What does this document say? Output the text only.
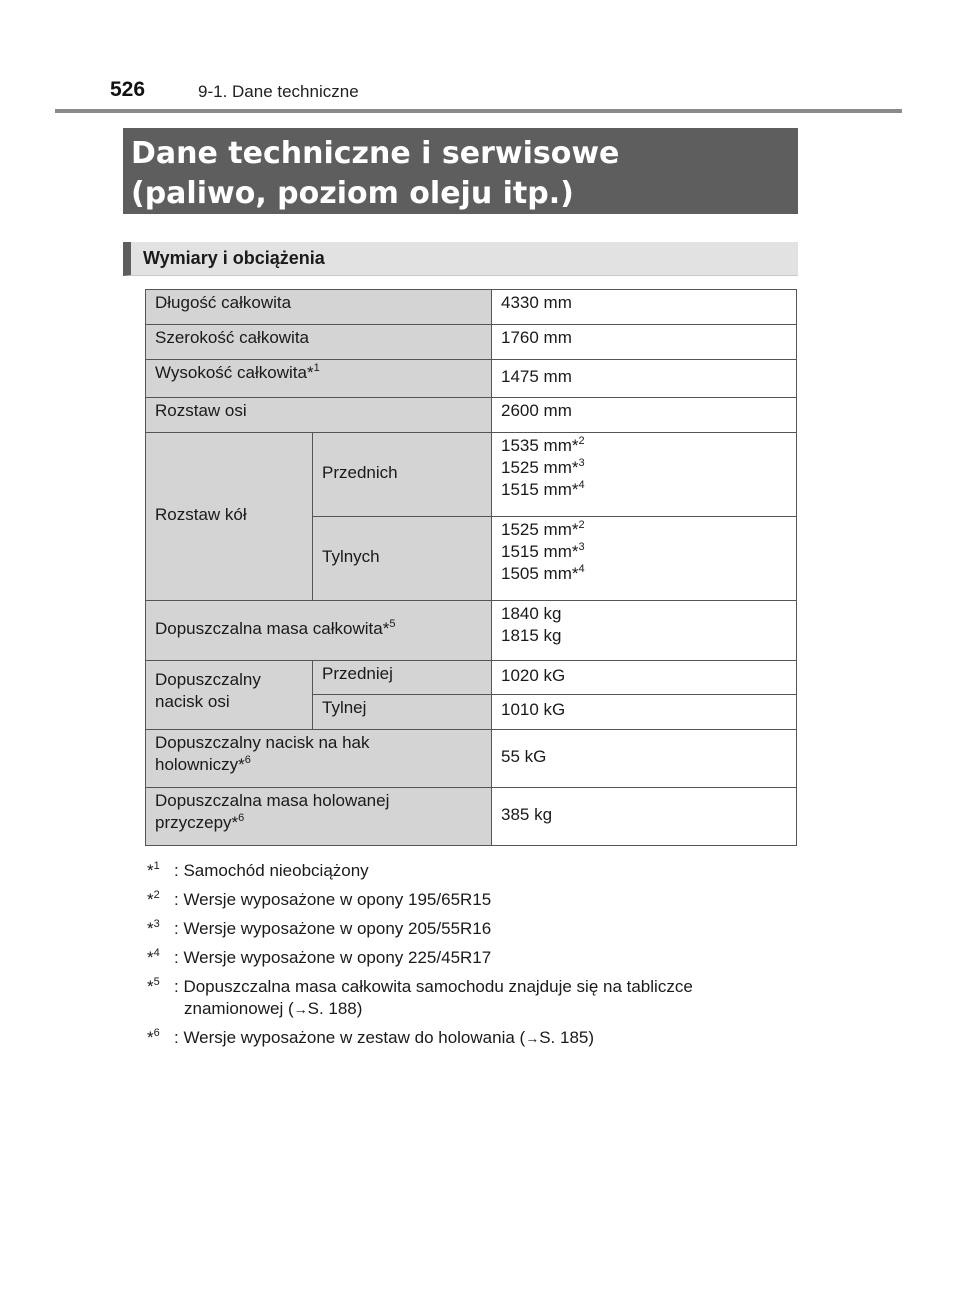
526	9-1. Dane techniczne
Dane techniczne i serwisowe
(paliwo, poziom oleju itp.)
Wymiary i obciążenia
Długość całkowita		4330 mm
Szerokość całkowita		1760 mm
Wysokość całkowita*$^1$		1475 mm
Rozstaw osi		2600 mm
Rozstaw kół	Przednich	1535 mm*$^2$
1525 mm*$^3$
1515 mm*$^4$
	Tylnych	1525 mm*$^2$
1515 mm*$^3$
1505 mm*$^4$
Dopuszczalna masa całkowita*$^5$		1840 kg
1815 kg
Dopuszczalny
nacisk osi	Przedniej	1020 kG
	Tylnej	1010 kG
Dopuszczalny nacisk na hak
holowniczy*$^6$		55 kG
Dopuszczalna masa holowanej
przyczepy*$^6$		385 kg
*$^1$ : Samochód nieobciążony
*$^2$ : Wersje wyposażone w opony 195/65R15
*$^3$ : Wersje wyposażone w opony 205/55R16
*$^4$ : Wersje wyposażone w opony 225/45R17
*$^5$ : Dopuszczalna masa całkowita samochodu znajduje się na tabliczce
znamionowej (→S. 188)
*$^6$ : Wersje wyposażone w zestaw do holowania (→S. 185)
